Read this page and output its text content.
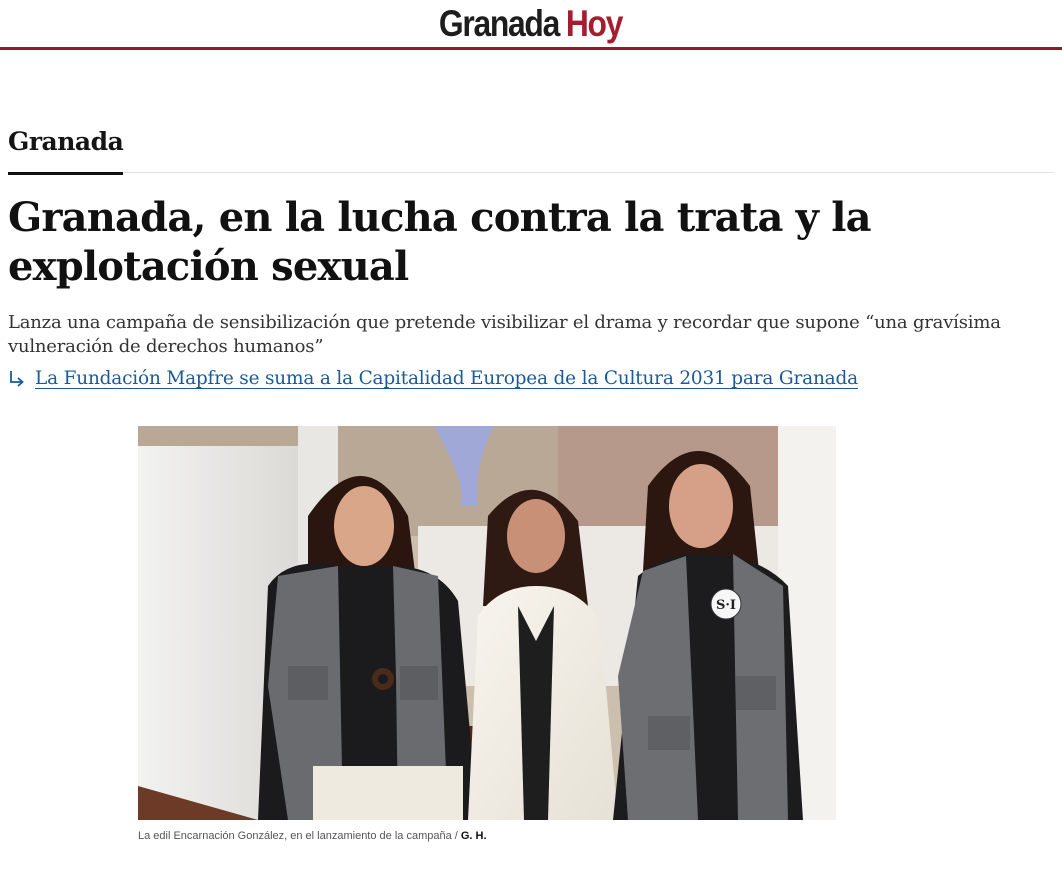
Granada Hoy
Granada
Granada, en la lucha contra la trata y la explotación sexual

Lanza una campaña de sensibilización que pretende visibilizar el drama y recordar que supone “una gravísima vulneración de derechos humanos”

La Fundación Mapfre se suma a la Capitalidad Europea de la Cultura 2031 para Granada
S·I
La edil Encarnación González, en el lanzamiento de la campaña / G. H.
